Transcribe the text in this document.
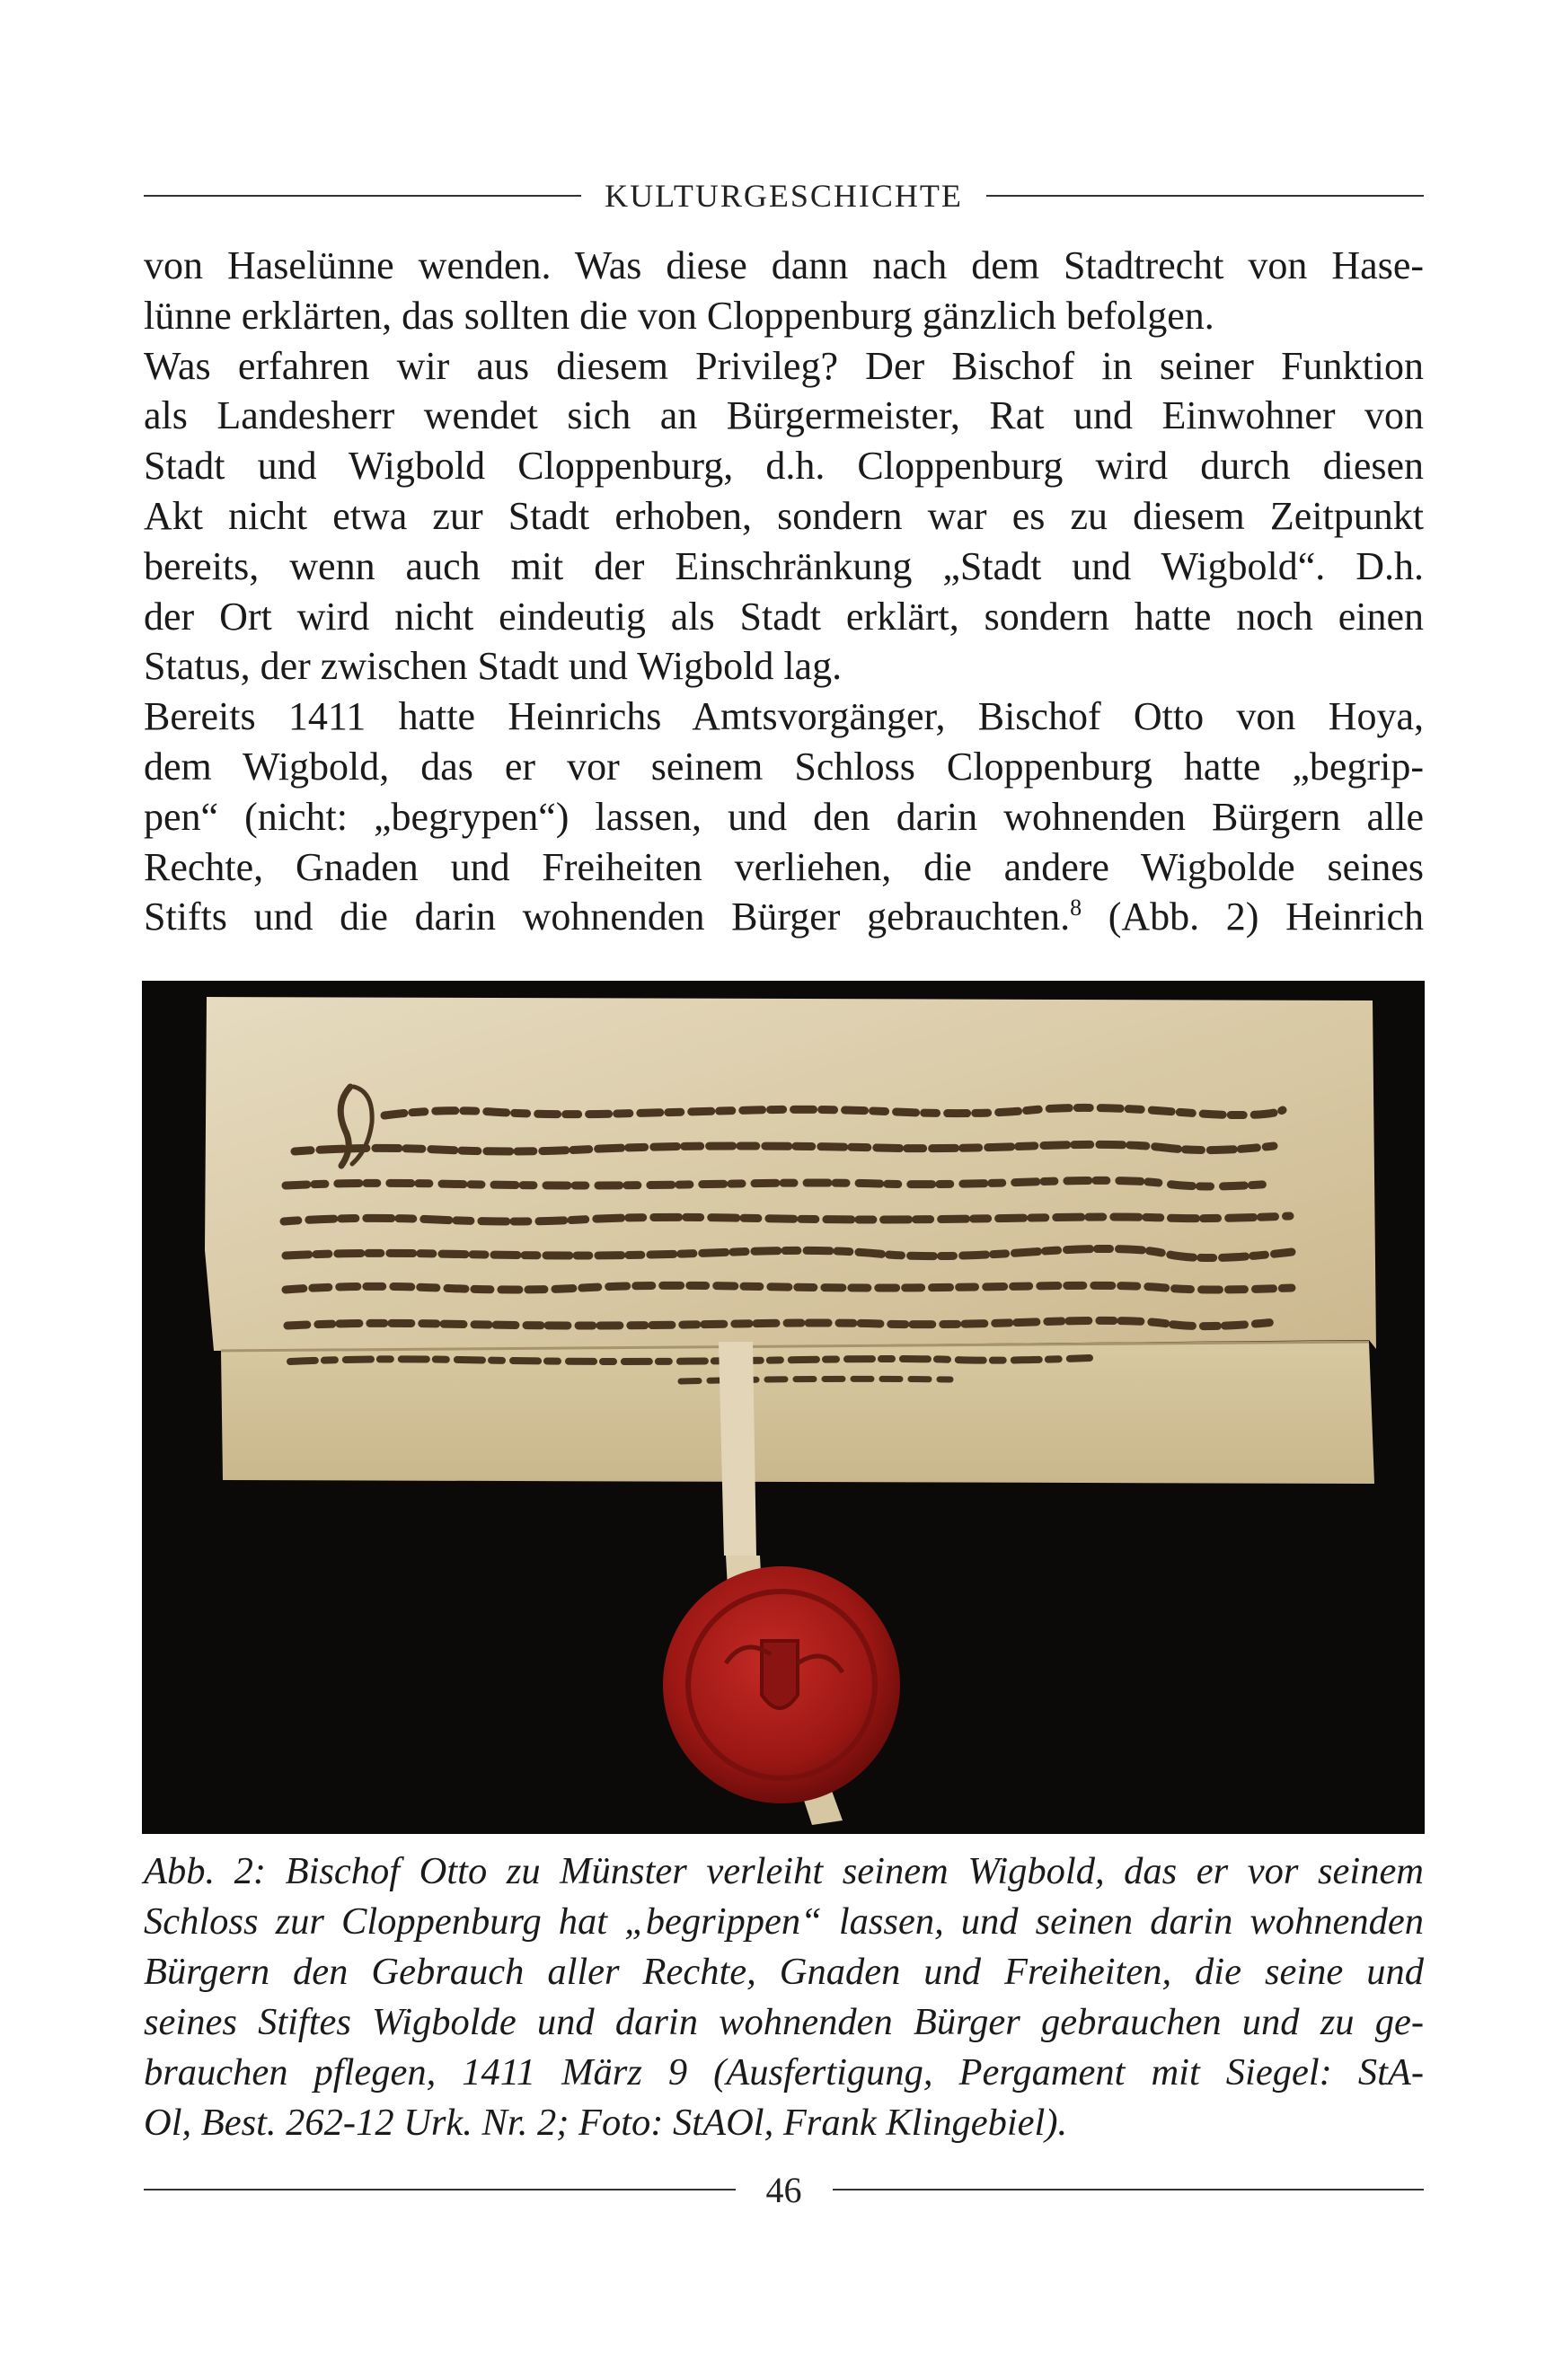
KULTURGESCHICHTE

von Haselünne wenden. Was diese dann nach dem Stadtrecht von Hase-
lünne erklärten, das sollten die von Cloppenburg gänzlich befolgen.

Was erfahren wir aus diesem Privileg? Der Bischof in seiner Funktion
als Landesherr wendet sich an Bürgermeister, Rat und Einwohner von
Stadt und Wigbold Cloppenburg, d.h. Cloppenburg wird durch diesen
Akt nicht etwa zur Stadt erhoben, sondern war es zu diesem Zeitpunkt
bereits, wenn auch mit der Einschränkung „Stadt und Wigbold“. D.h.
der Ort wird nicht eindeutig als Stadt erklärt, sondern hatte noch einen
Status, der zwischen Stadt und Wigbold lag.

Bereits 1411 hatte Heinrichs Amtsvorgänger, Bischof Otto von Hoya,
dem Wigbold, das er vor seinem Schloss Cloppenburg hatte „begrip-
pen“ (nicht: „begrypen“) lassen, und den darin wohnenden Bürgern alle
Rechte, Gnaden und Freiheiten verliehen, die andere Wigbolde seines
Stifts und die darin wohnenden Bürger gebrauchten.$^8$ (Abb. 2) Heinrich

Abb. 2: Bischof Otto zu Münster verleiht seinem Wigbold, das er vor seinem
Schloss zur Cloppenburg hat „begrippen“ lassen, und seinen darin wohnenden
Bürgern den Gebrauch aller Rechte, Gnaden und Freiheiten, die seine und
seines Stiftes Wigbolde und darin wohnenden Bürger gebrauchen und zu ge-
brauchen pflegen, 1411 März 9 (Ausfertigung, Pergament mit Siegel: StA-
Ol, Best. 262-12 Urk. Nr. 2; Foto: StAOl, Frank Klingebiel).
46
